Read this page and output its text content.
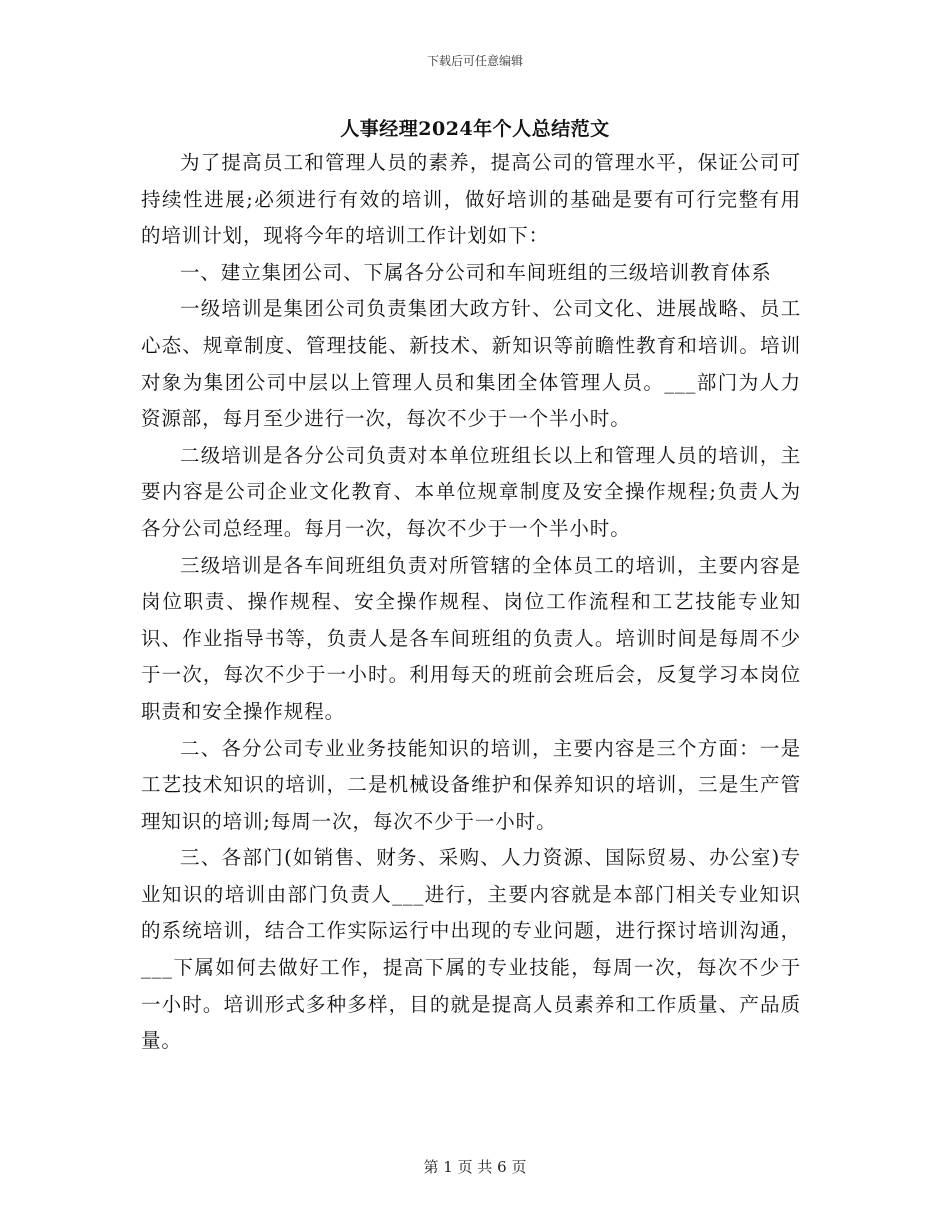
下载后可任意编辑
人事经理2024年个人总结范文

为了提高员工和管理人员的素养，提高公司的管理水平，保证公司可持续性进展;必须进行有效的培训，做好培训的基础是要有可行完整有用的培训计划，现将今年的培训工作计划如下：

一、建立集团公司、下属各分公司和车间班组的三级培训教育体系

一级培训是集团公司负责集团大政方针、公司文化、进展战略、员工心态、规章制度、管理技能、新技术、新知识等前瞻性教育和培训。培训对象为集团公司中层以上管理人员和集团全体管理人员。___部门为人力资源部，每月至少进行一次，每次不少于一个半小时。

二级培训是各分公司负责对本单位班组长以上和管理人员的培训，主要内容是公司企业文化教育、本单位规章制度及安全操作规程;负责人为各分公司总经理。每月一次，每次不少于一个半小时。

三级培训是各车间班组负责对所管辖的全体员工的培训，主要内容是岗位职责、操作规程、安全操作规程、岗位工作流程和工艺技能专业知识、作业指导书等，负责人是各车间班组的负责人。培训时间是每周不少于一次，每次不少于一小时。利用每天的班前会班后会，反复学习本岗位职责和安全操作规程。

二、各分公司专业业务技能知识的培训，主要内容是三个方面：一是工艺技术知识的培训，二是机械设备维护和保养知识的培训，三是生产管理知识的培训;每周一次，每次不少于一小时。

三、各部门(如销售、财务、采购、人力资源、国际贸易、办公室)专业知识的培训由部门负责人___进行，主要内容就是本部门相关专业知识的系统培训，结合工作实际运行中出现的专业问题，进行探讨培训沟通，___下属如何去做好工作，提高下属的专业技能，每周一次，每次不少于一小时。培训形式多种多样，目的就是提高人员素养和工作质量、产品质量。

第 1 页 共 6 页
